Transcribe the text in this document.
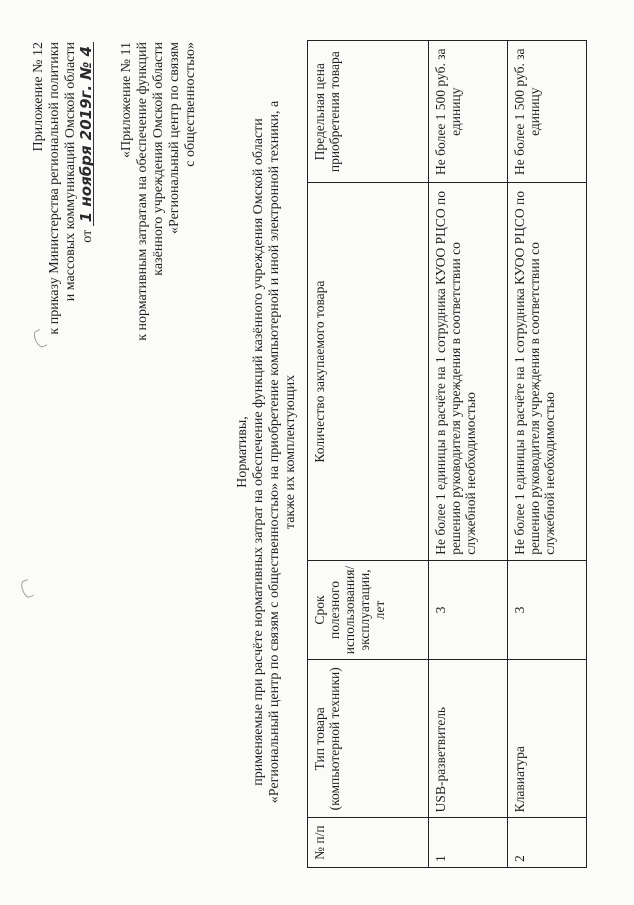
Приложение № 12 к приказу Министерства региональной политики и массовых коммуникаций Омской области от 1 ноября 2019г. № 4 «Приложение № 11 к нормативным затратам на обеспечение функций казённого учреждения Омской области «Региональный центр по связям с общественностью»
Нормативы, применяемые при расчёте нормативных затрат на обеспечение функций казённого учреждения Омской области «Региональный центр по связям с общественностью» на приобретение компьютерной и иной электронной техники, а также их комплектующих
№ п/п	Тип товара (компьютерной техники)	Срок полезного использования/ эксплуатации, лет	Количество закупаемого товара	Предельная цена приобретения товара
1	USB-разветвитель	3	Не более 1 единицы в расчёте на 1 сотрудника КУОО РЦСО по решению руководителя учреждения в соответствии со служебной необходимостью	Не более 1 500 руб. за единицу
2	Клавиатура	3	Не более 1 единицы в расчёте на 1 сотрудника КУОО РЦСО по решению руководителя учреждения в соответствии со служебной необходимостью	Не более 1 500 руб. за единицу
